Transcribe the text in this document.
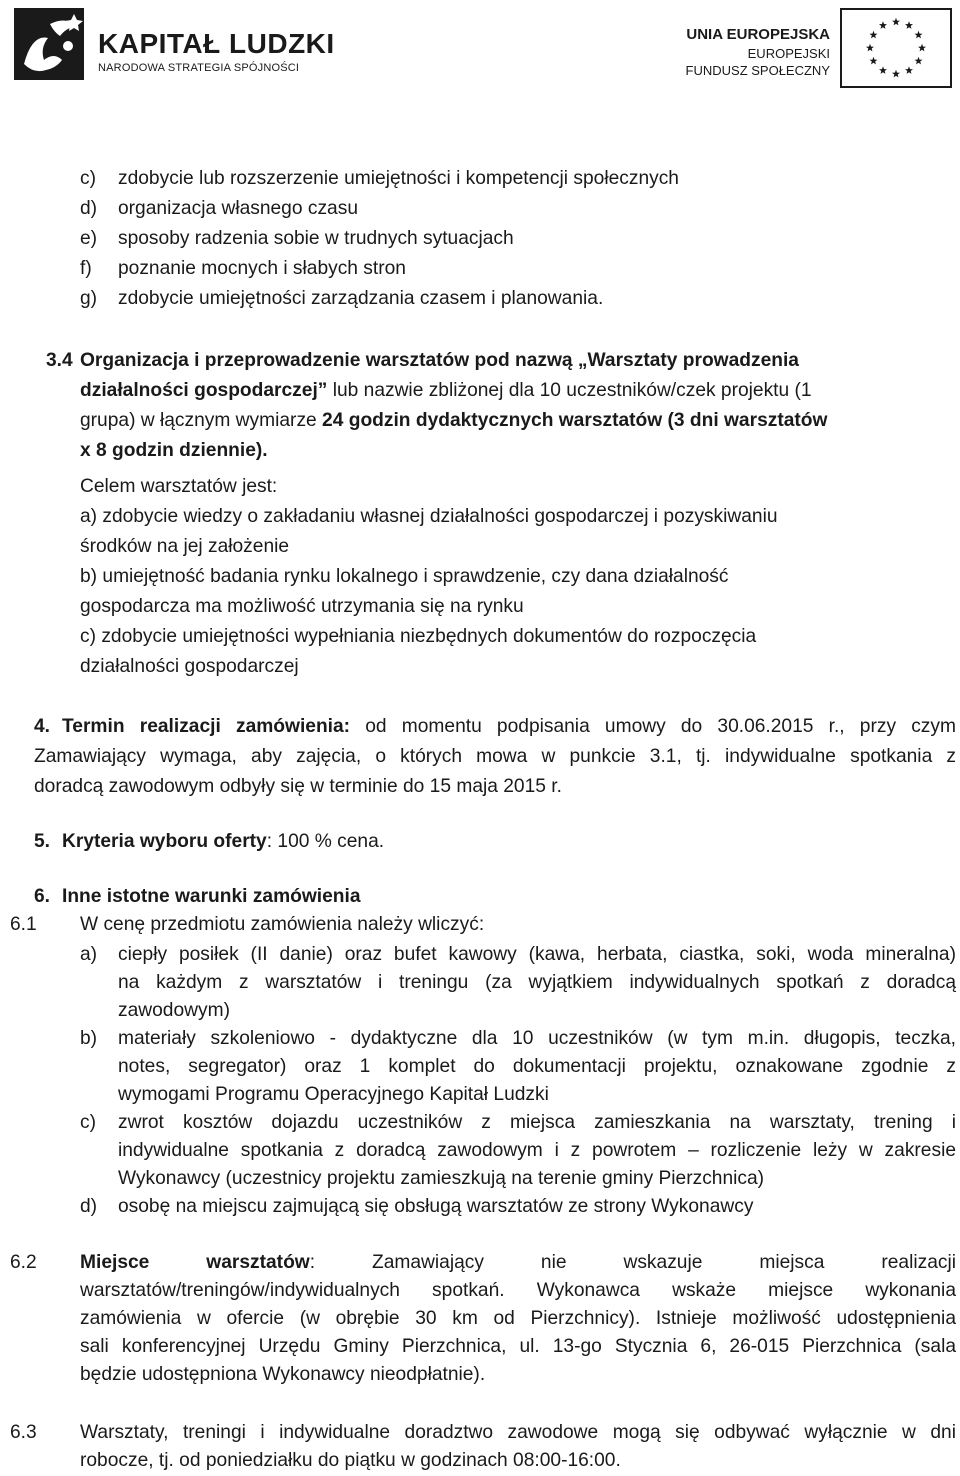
KAPITAŁ LUDZKI
NARODOWA STRATEGIA SPÓJNOŚCI
UNIA EUROPEJSKA
EUROPEJSKI
FUNDUSZ SPOŁECZNY
c) zdobycie lub rozszerzenie umiejętności i kompetencji społecznych
d) organizacja własnego czasu
e) sposoby radzenia sobie w trudnych sytuacjach
f) poznanie mocnych i słabych stron
g) zdobycie umiejętności zarządzania czasem i planowania.
3.4 Organizacja i przeprowadzenie warsztatów pod nazwą „Warsztaty prowadzenia
działalności gospodarczej” lub nazwie zbliżonej dla 10 uczestników/czek projektu (1
grupa) w łącznym wymiarze 24 godzin dydaktycznych warsztatów (3 dni warsztatów
x 8 godzin dziennie).
Celem warsztatów jest:
a) zdobycie wiedzy o zakładaniu własnej działalności gospodarczej i pozyskiwaniu
środków na jej założenie
b) umiejętność badania rynku lokalnego i sprawdzenie, czy dana działalność
gospodarcza ma możliwość utrzymania się na rynku
c) zdobycie umiejętności wypełniania niezbędnych dokumentów do rozpoczęcia
działalności gospodarczej
4. Termin realizacji zamówienia: od momentu podpisania umowy do 30.06.2015 r., przy czym
Zamawiający wymaga, aby zajęcia, o których mowa w punkcie 3.1, tj. indywidualne spotkania z
doradcą zawodowym odbyły się w terminie do 15 maja 2015 r.
5. Kryteria wyboru oferty: 100 % cena.
6. Inne istotne warunki zamówienia
6.1 W cenę przedmiotu zamówienia należy wliczyć:
a) ciepły posiłek (II danie) oraz bufet kawowy (kawa, herbata, ciastka, soki, woda mineralna)
na każdym z warsztatów i treningu (za wyjątkiem indywidualnych spotkań z doradcą
zawodowym)
b) materiały szkoleniowo - dydaktyczne dla 10 uczestników (w tym m.in. długopis, teczka,
notes, segregator) oraz 1 komplet do dokumentacji projektu, oznakowane zgodnie z
wymogami Programu Operacyjnego Kapitał Ludzki
c) zwrot kosztów dojazdu uczestników z miejsca zamieszkania na warsztaty, trening i
indywidualne spotkania z doradcą zawodowym i z powrotem – rozliczenie leży w zakresie
Wykonawcy (uczestnicy projektu zamieszkują na terenie gminy Pierzchnica)
d) osobę na miejscu zajmującą się obsługą warsztatów ze strony Wykonawcy
6.2 Miejsce warsztatów: Zamawiający nie wskazuje miejsca realizacji
warsztatów/treningów/indywidualnych spotkań. Wykonawca wskaże miejsce wykonania
zamówienia w ofercie (w obrębie 30 km od Pierzchnicy). Istnieje możliwość udostępnienia
sali konferencyjnej Urzędu Gminy Pierzchnica, ul. 13-go Stycznia 6, 26-015 Pierzchnica (sala
będzie udostępniona Wykonawcy nieodpłatnie).
6.3 Warsztaty, treningi i indywidualne doradztwo zawodowe mogą się odbywać wyłącznie w dni
robocze, tj. od poniedziałku do piątku w godzinach 08:00-16:00.
